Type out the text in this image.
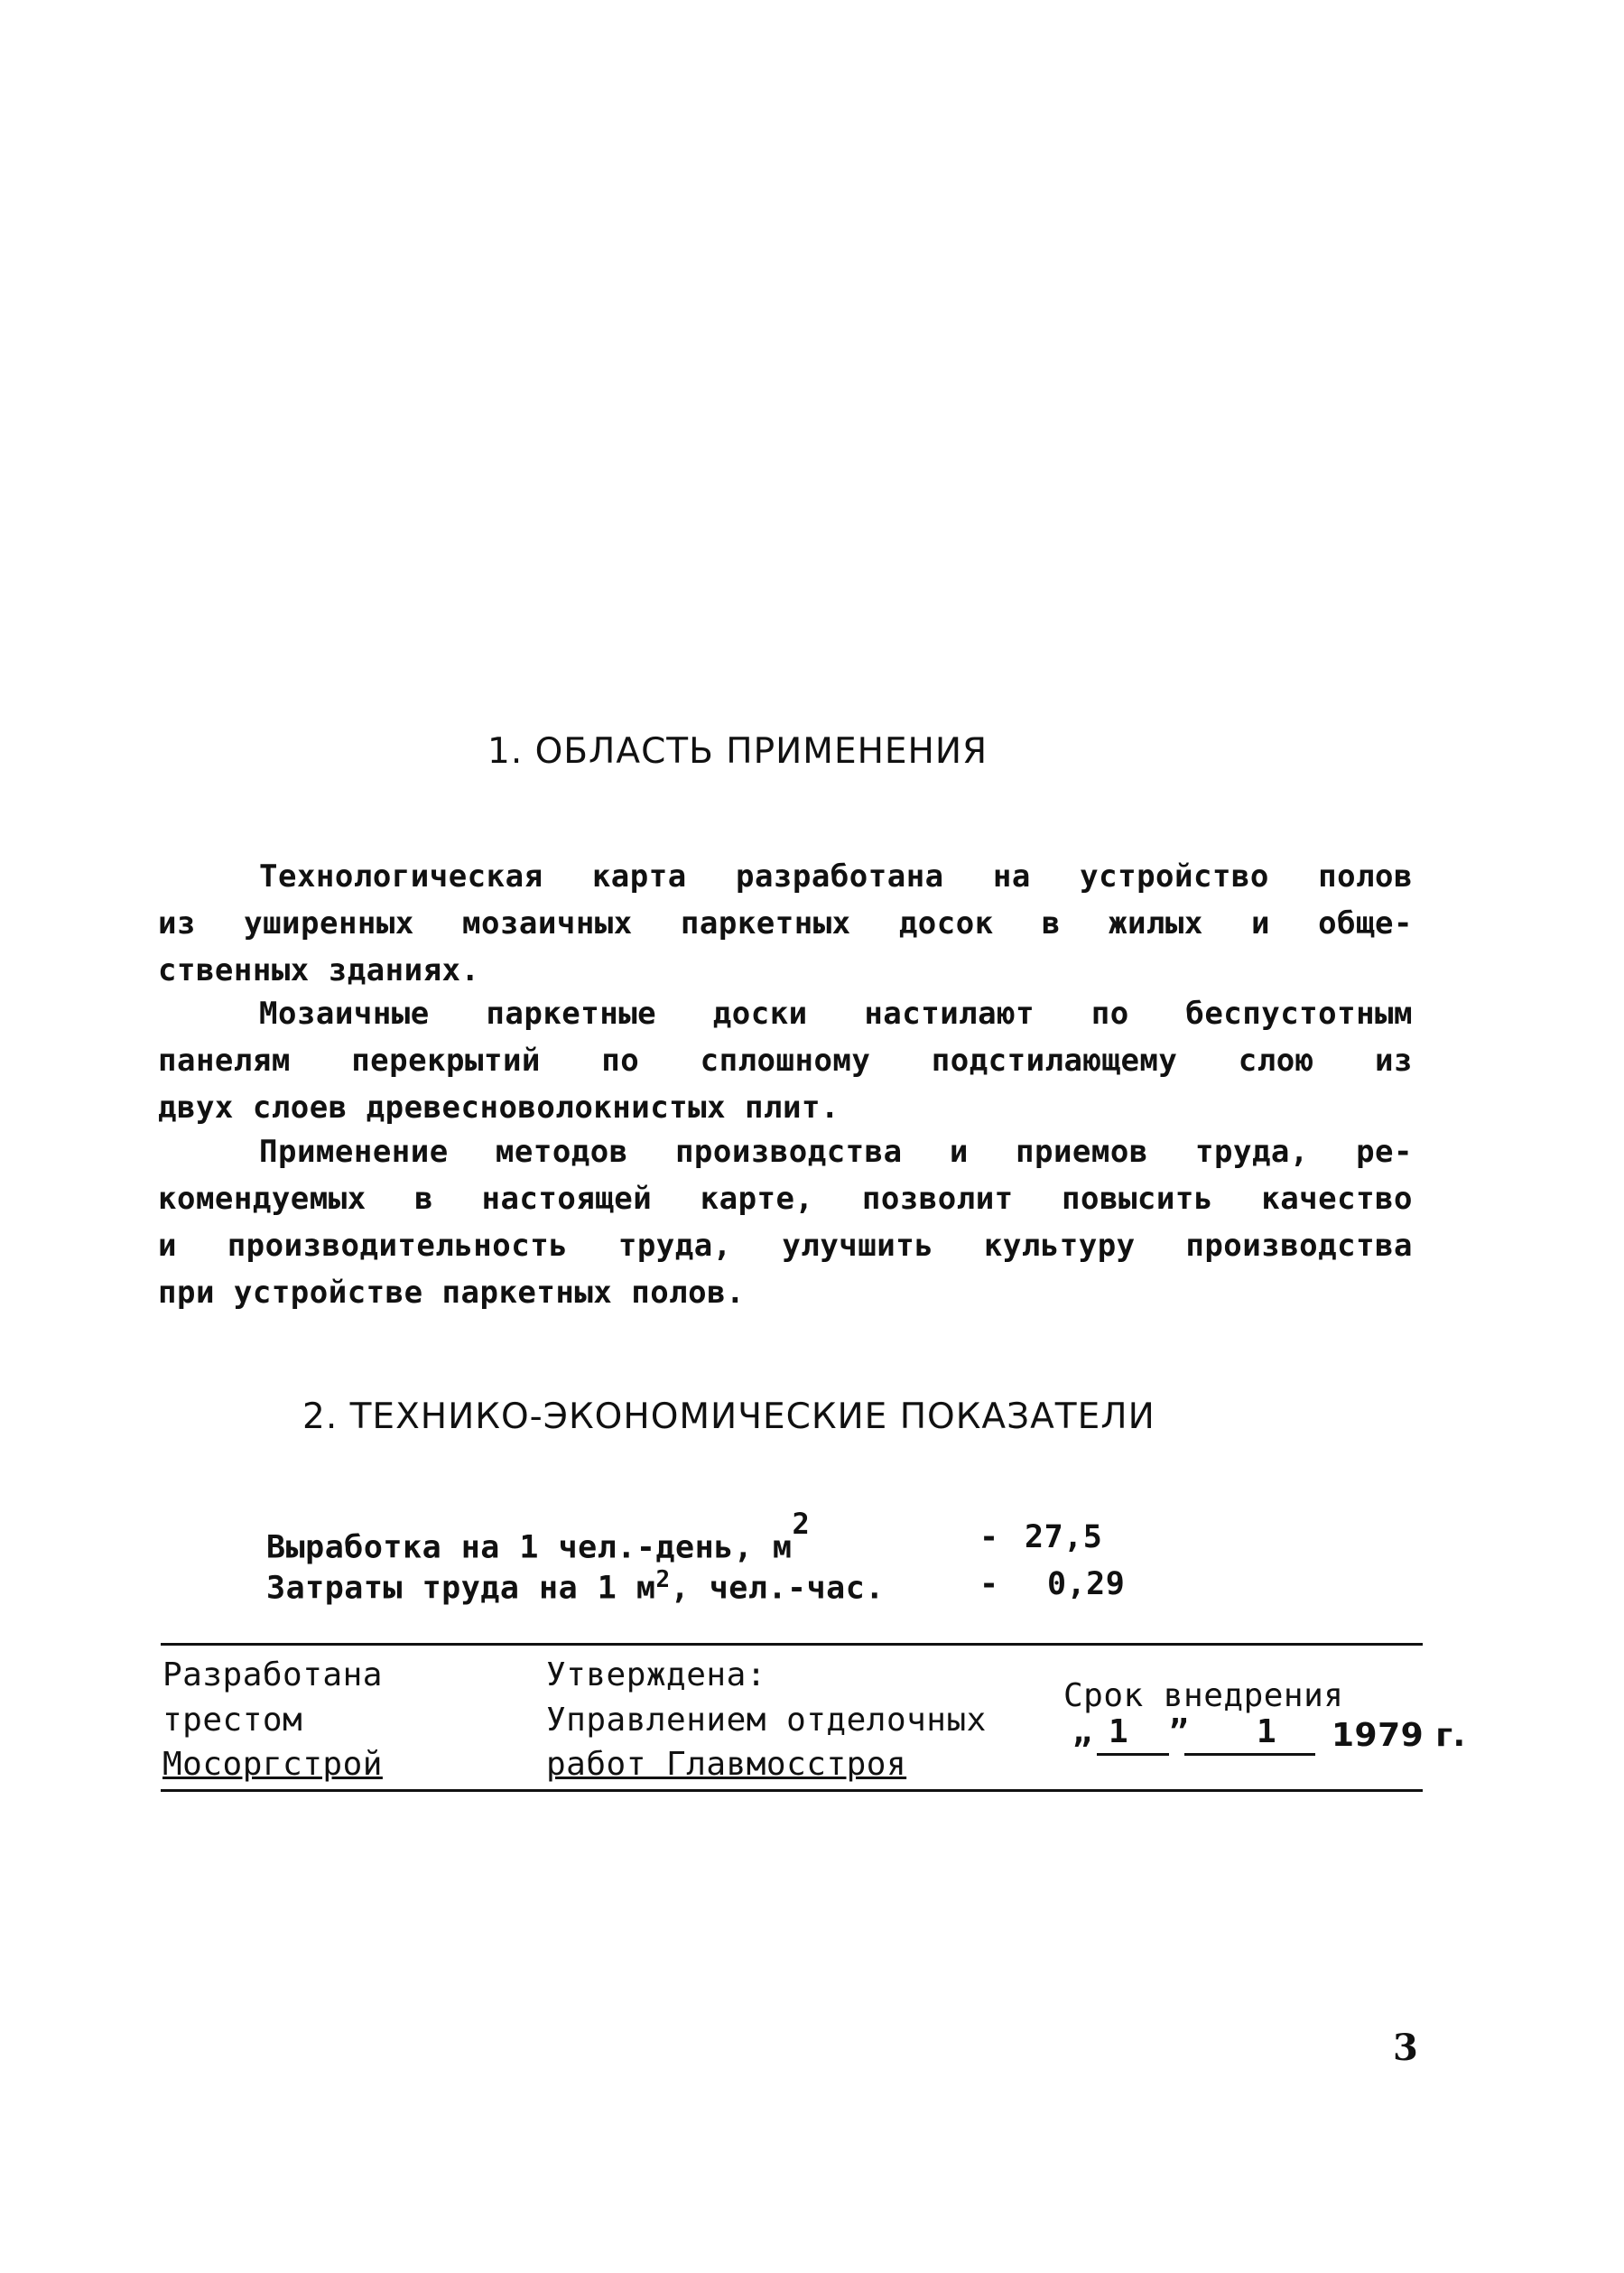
1. ОБЛАСТЬ ПРИМЕНЕНИЯ
Технологическая карта разработана на устройство полов
из уширенных мозаичных паркетных досок в жилых и обще-
ственных зданиях.
Мозаичные паркетные доски настилают по беспустотным
панелям перекрытий по сплошному подстилающему слою из
двух слоев древесноволокнистых плит.
Применение методов производства и приемов труда, ре-
комендуемых в настоящей карте, позволит повысить качество
и производительность труда, улучшить культуру производства
при устройстве паркетных полов.
2. ТЕХНИКО-ЭКОНОМИЧЕСКИЕ ПОКАЗАТЕЛИ
Выработка на 1 чел.-день, $м^2$	- 27,5
Затраты труда на 1 $м^2$, чел.-час.	- 0,29
Разработана
трестом
Мосоргстрой
Утверждена:
Управлением отделочных
работ Главмосстроя
Срок внедрения
„ 1 ” 1 1979 г.
3
